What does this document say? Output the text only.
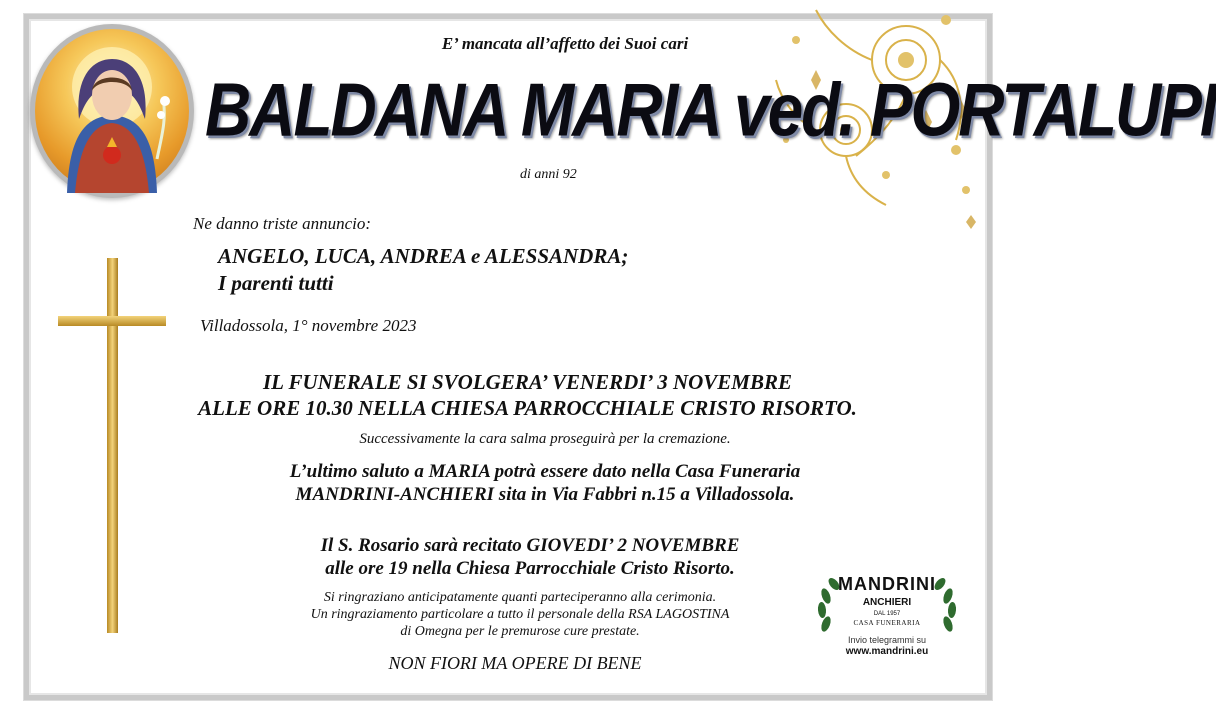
E’ mancata all’affetto dei Suoi cari

BALDANA MARIA ved. PORTALUPI

di anni 92

Ne danno triste annuncio:

ANGELO, LUCA, ANDREA e ALESSANDRA;

I parenti tutti

Villadossola, 1° novembre 2023

IL FUNERALE SI SVOLGERA’ VENERDI’ 3 NOVEMBRE

ALLE ORE 10.30 NELLA CHIESA PARROCCHIALE CRISTO RISORTO.

Successivamente la cara salma proseguirà per la cremazione.

L’ultimo saluto a MARIA potrà essere dato nella Casa Funeraria

MANDRINI-ANCHIERI sita in Via Fabbri n.15 a Villadossola.

Il S. Rosario sarà recitato GIOVEDI’ 2 NOVEMBRE

alle ore 19 nella Chiesa Parrocchiale Cristo Risorto.

Si ringraziano anticipatamente quanti parteciperanno alla cerimonia.

Un ringraziamento particolare a tutto il personale della RSA LAGOSTINA

di Omegna per le premurose cure prestate.

NON FIORI MA OPERE DI BENE

MANDRINI
ANCHIERI
DAL 1957
CASA FUNERARIA
Invio telegrammi su
www.mandrini.eu
